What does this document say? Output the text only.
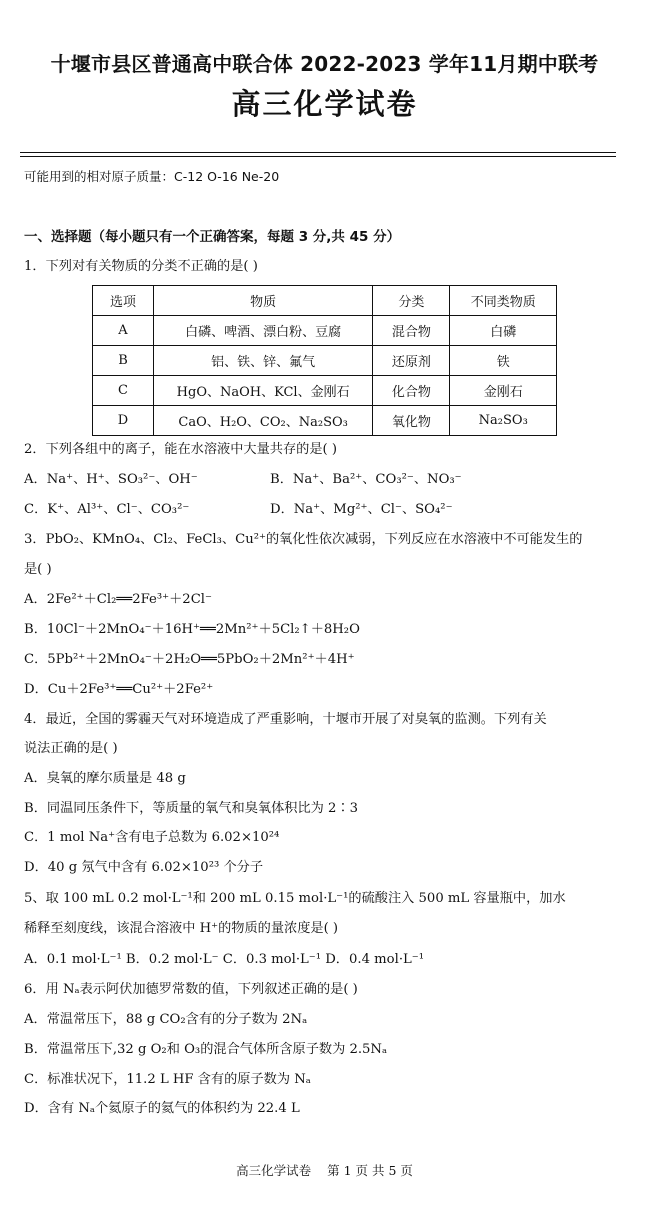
十堰市县区普通高中联合体 2022-2023 学年11月期中联考
高三化学试卷
可能用到的相对原子质量：C-12 O-16 Ne-20
一、选择题（每小题只有一个正确答案，每题 3 分,共 45 分）
1．下列对有关物质的分类不正确的是( )
选项	物质	分类	不同类物质
A	白磷、啤酒、漂白粉、豆腐	混合物	白磷
B	铝、铁、锌、氟气	还原剂	铁
C	HgO、NaOH、KCl、金刚石	化合物	金刚石
D	CaO、H₂O、CO₂、Na₂SO₃	氧化物	Na₂SO₃
2．下列各组中的离子，能在水溶液中大量共存的是( )
A．Na⁺、H⁺、SO₃²⁻、OH⁻	B．Na⁺、Ba²⁺、CO₃²⁻、NO₃⁻
C．K⁺、Al³⁺、Cl⁻、CO₃²⁻	D．Na⁺、Mg²⁺、Cl⁻、SO₄²⁻
3．PbO₂、KMnO₄、Cl₂、FeCl₃、Cu²⁺的氧化性依次减弱，下列反应在水溶液中不可能发生的
是( )
A．2Fe²⁺＋Cl₂══2Fe³⁺＋2Cl⁻
B．10Cl⁻＋2MnO₄⁻＋16H⁺══2Mn²⁺＋5Cl₂↑＋8H₂O
C．5Pb²⁺＋2MnO₄⁻＋2H₂O══5PbO₂＋2Mn²⁺＋4H⁺
D．Cu＋2Fe³⁺══Cu²⁺＋2Fe²⁺
4．最近，全国的雾霾天气对环境造成了严重影响，十堰市开展了对臭氧的监测。下列有关
说法正确的是( )
A．臭氧的摩尔质量是 48 g
B．同温同压条件下，等质量的氧气和臭氧体积比为 2∶3
C．1 mol Na⁺含有电子总数为 6.02×10²⁴
D．40 g 氖气中含有 6.02×10²³ 个分子
5、取 100 mL 0.2 mol·L⁻¹和 200 mL 0.15 mol·L⁻¹的硫酸注入 500 mL 容量瓶中，加水
稀释至刻度线，该混合溶液中 H⁺的物质的量浓度是( )
A．0.1 mol·L⁻¹ B．0.2 mol·L⁻ C．0.3 mol·L⁻¹ D．0.4 mol·L⁻¹
6．用 Nₐ表示阿伏加德罗常数的值，下列叙述正确的是( )
A．常温常压下，88 g CO₂含有的分子数为 2Nₐ
B．常温常压下,32 g O₂和 O₃的混合气体所含原子数为 2.5Nₐ
C．标准状况下，11.2 L HF 含有的原子数为 Nₐ
D．含有 Nₐ个氦原子的氦气的体积约为 22.4 L
高三化学试卷 第 1 页 共 5 页
